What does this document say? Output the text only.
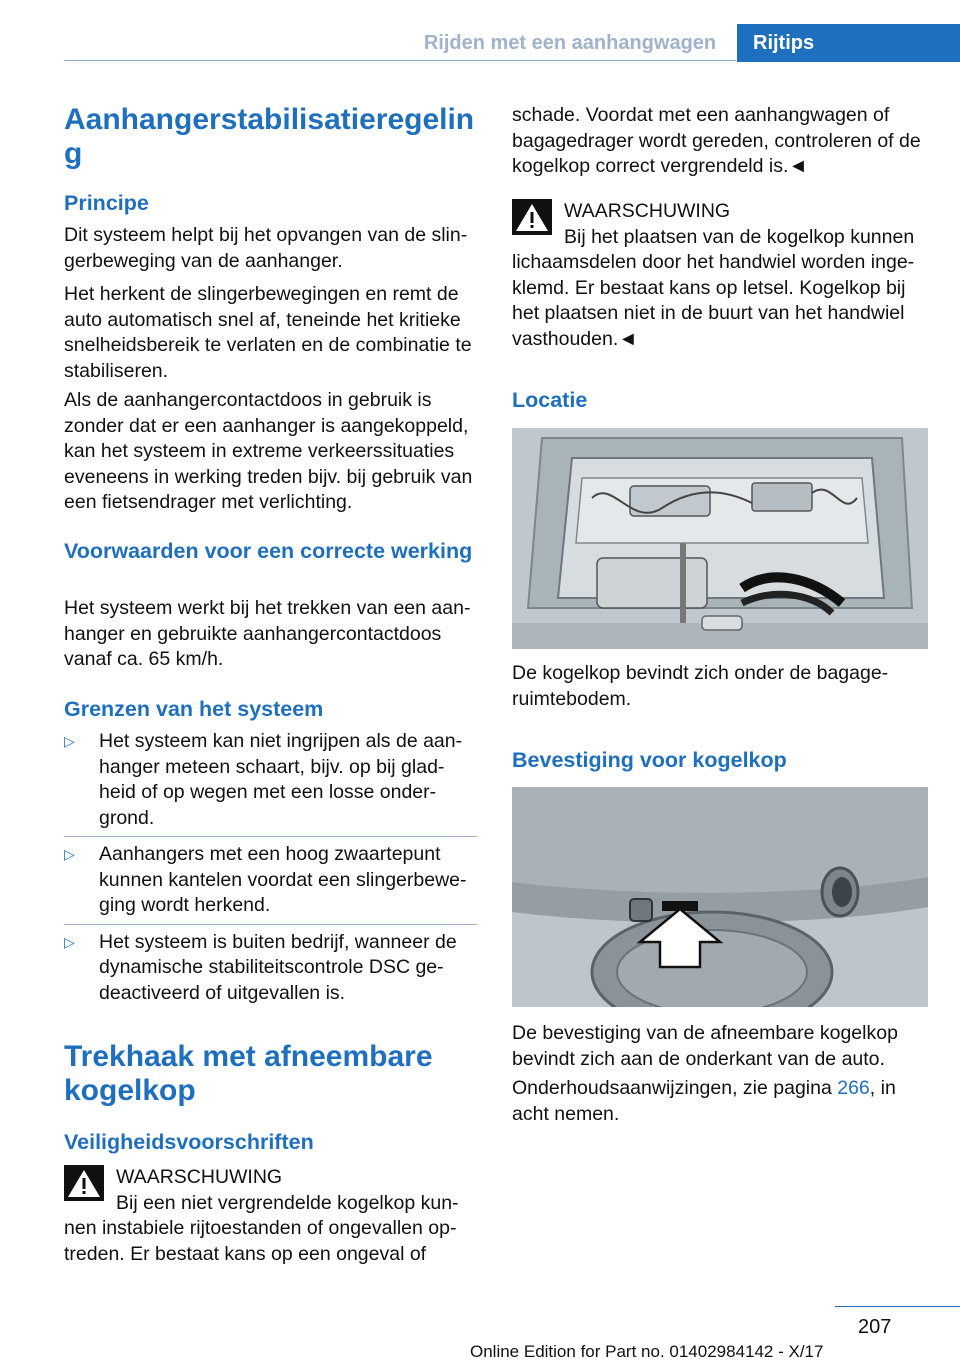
Rijden met een aanhangwagen	Rijtips
Aanhangerstabilisatieregelin
g
Principe

Dit systeem helpt bij het opvangen van de slin-gerbeweging van de aanhanger.

Het herkent de slingerbewegingen en remt de auto automatisch snel af, teneinde het kritieke snelheidsbereik te verlaten en de combinatie te stabiliseren.

Als de aanhangercontactdoos in gebruik is zonder dat er een aanhanger is aangekoppeld, kan het systeem in extreme verkeerssituaties eveneens in werking treden bijv. bij gebruik van een fietsendrager met verlichting.

Voorwaarden voor een correcte werking

Het systeem werkt bij het trekken van een aan-hanger en gebruikte aanhangercontactdoos vanaf ca. 65 km/h.

Grenzen van het systeem
▷ Het systeem kan niet ingrijpen als de aan-hanger meteen schaart, bijv. op bij glad-heid of op wegen met een losse onder-grond.
▷ Aanhangers met een hoog zwaartepunt kunnen kantelen voordat een slingerbewe-ging wordt herkend.
▷ Het systeem is buiten bedrijf, wanneer de dynamische stabiliteitscontrole DSC ge-deactiveerd of uitgevallen is.
Trekhaak met afneembare kogelkop
Veiligheidsvoorschriften

WAARSCHUWING

Bij een niet vergrendelde kogelkop kun-

nen instabiele rijtoestanden of ongevallen op-treden. Er bestaat kans op een ongeval of

schade. Voordat met een aanhangwagen of bagagedrager wordt gereden, controleren of de kogelkop correct vergrendeld is.◄

WAARSCHUWING

Bij het plaatsen van de kogelkop kunnen

lichaamsdelen door het handwiel worden inge-klemd. Er bestaat kans op letsel. Kogelkop bij het plaatsen niet in de buurt van het handwiel vasthouden.◄

Locatie

De kogelkop bevindt zich onder de bagage-ruimtebodem.

Bevestiging voor kogelkop

De bevestiging van de afneembare kogelkop bevindt zich aan de onderkant van de auto.

Onderhoudsaanwijzingen, zie pagina 266, in acht nemen.

207
Online Edition for Part no. 01402984142 - X/17
